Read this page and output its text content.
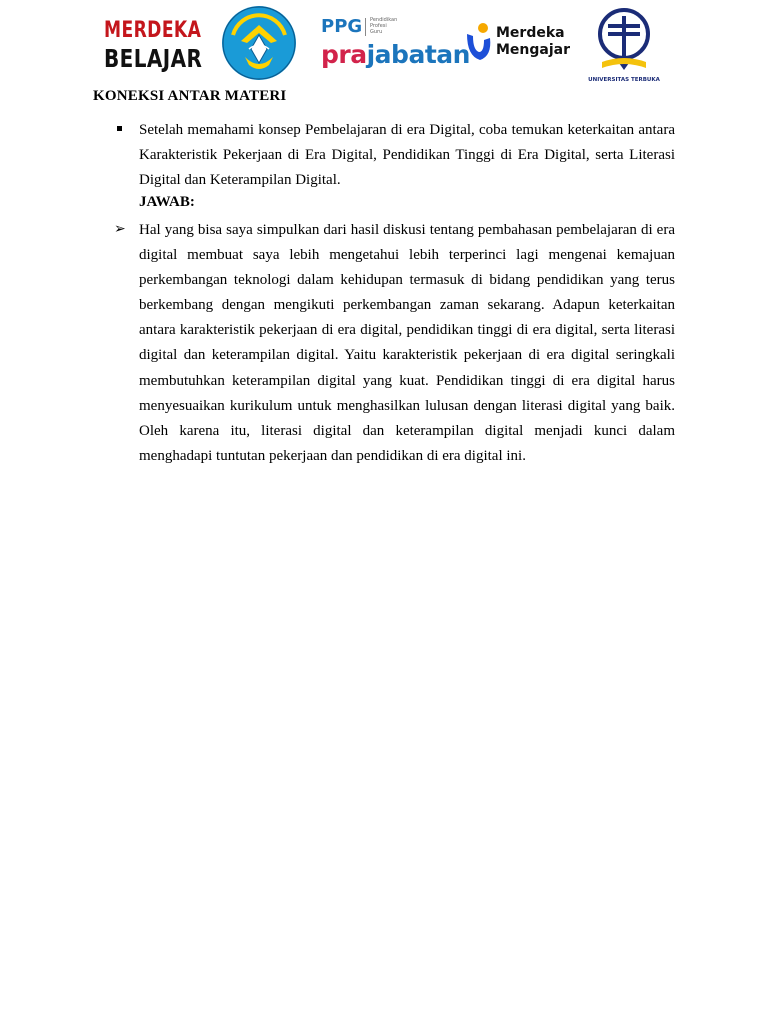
MERDEKA
BELAJAR
PPG Pendidikan
Profesi
Guru
prajabatan
Merdeka
Mengajar
UNIVERSITAS TERBUKA
KONEKSI ANTAR MATERI
Setelah memahami konsep Pembelajaran di era Digital, coba temukan keterkaitan antara Karakteristik Pekerjaan di Era Digital, Pendidikan Tinggi di Era Digital, serta Literasi Digital dan Keterampilan Digital.
JAWAB:
➢ Hal yang bisa saya simpulkan dari hasil diskusi tentang pembahasan pembelajaran di era digital membuat saya lebih mengetahui lebih terperinci lagi mengenai kemajuan perkembangan teknologi dalam kehidupan termasuk di bidang pendidikan yang terus berkembang dengan mengikuti perkembangan zaman sekarang. Adapun keterkaitan antara karakteristik pekerjaan di era digital, pendidikan tinggi di era digital, serta literasi digital dan keterampilan digital. Yaitu karakteristik pekerjaan di era digital seringkali membutuhkan keterampilan digital yang kuat. Pendidikan tinggi di era digital harus menyesuaikan kurikulum untuk menghasilkan lulusan dengan literasi digital yang baik. Oleh karena itu, literasi digital dan keterampilan digital menjadi kunci dalam menghadapi tuntutan pekerjaan dan pendidikan di era digital ini.
